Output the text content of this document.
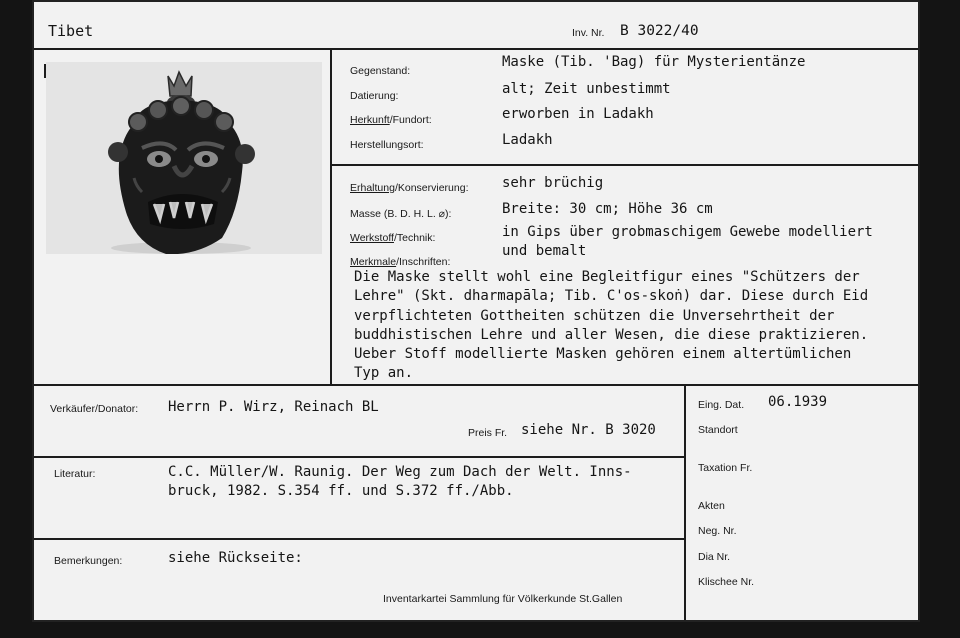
Tibet	Inv. Nr. B 3022/40
Gegenstand:
Maske (Tib. 'Bag) für Mysterientänze
Datierung:	alt; Zeit unbestimmt
Herkunft/Fundort:	erworben in Ladakh
Herstellungsort:	Ladakh
Erhaltung/Konservierung: sehr brüchig
Masse (B. D. H. L. ⌀):	Breite: 30 cm; Höhe 36 cm
Werkstoff/Technik:	in Gips über grobmaschigem Gewebe modelliert
und bemalt
Merkmale/Inschriften:
Die Maske stellt wohl eine Begleitfigur eines "Schützers der
Lehre" (Skt. dharmapāla; Tib. C'os-skoṅ) dar. Diese durch Eid
verpflichteten Gottheiten schützen die Unversehrtheit der
buddhistischen Lehre und aller Wesen, die diese praktizieren.
Ueber Stoff modellierte Masken gehören einem altertümlichen
Typ an.
Verkäufer/Donator: Herrn P. Wirz, Reinach BL
Preis Fr. siehe Nr. B 3020
Eing. Dat. 06.1939
Standort
Literatur:	C.C. Müller/W. Raunig. Der Weg zum Dach der Welt. Inns-
bruck, 1982. S.354 ff. und S.372 ff./Abb.
Taxation Fr.
Akten
Neg. Nr.
Dia Nr.
Klischee Nr.
Bemerkungen:	siehe Rückseite:
Inventarkartei Sammlung für Völkerkunde St.Gallen
